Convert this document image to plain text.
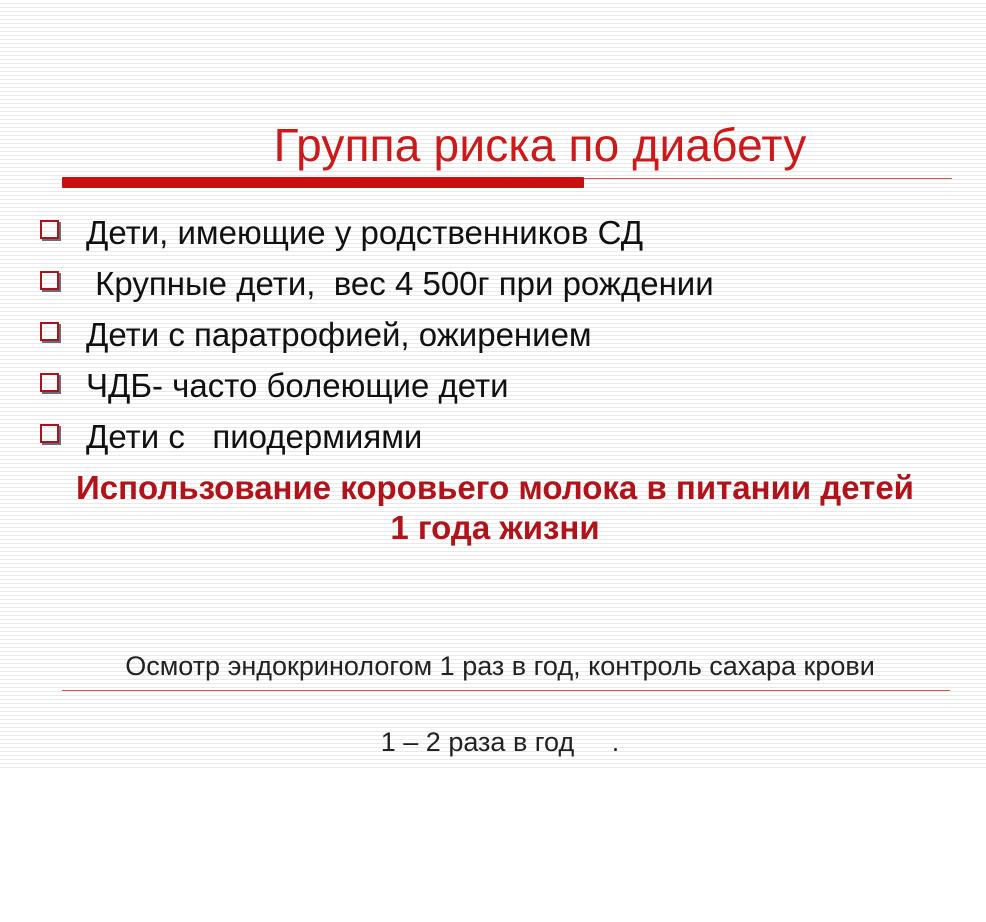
Группа риска по диабету
Дети, имеющие у родственников СД
Крупные дети,  вес 4 500г при рождении
Дети с паратрофией, ожирением
ЧДБ- часто болеющие дети
Дети с   пиодермиями
Использование коровьего молока в питании детей
1 года жизни

Осмотр эндокринологом 1 раз в год, контроль сахара крови

1 – 2 раза в год     .
